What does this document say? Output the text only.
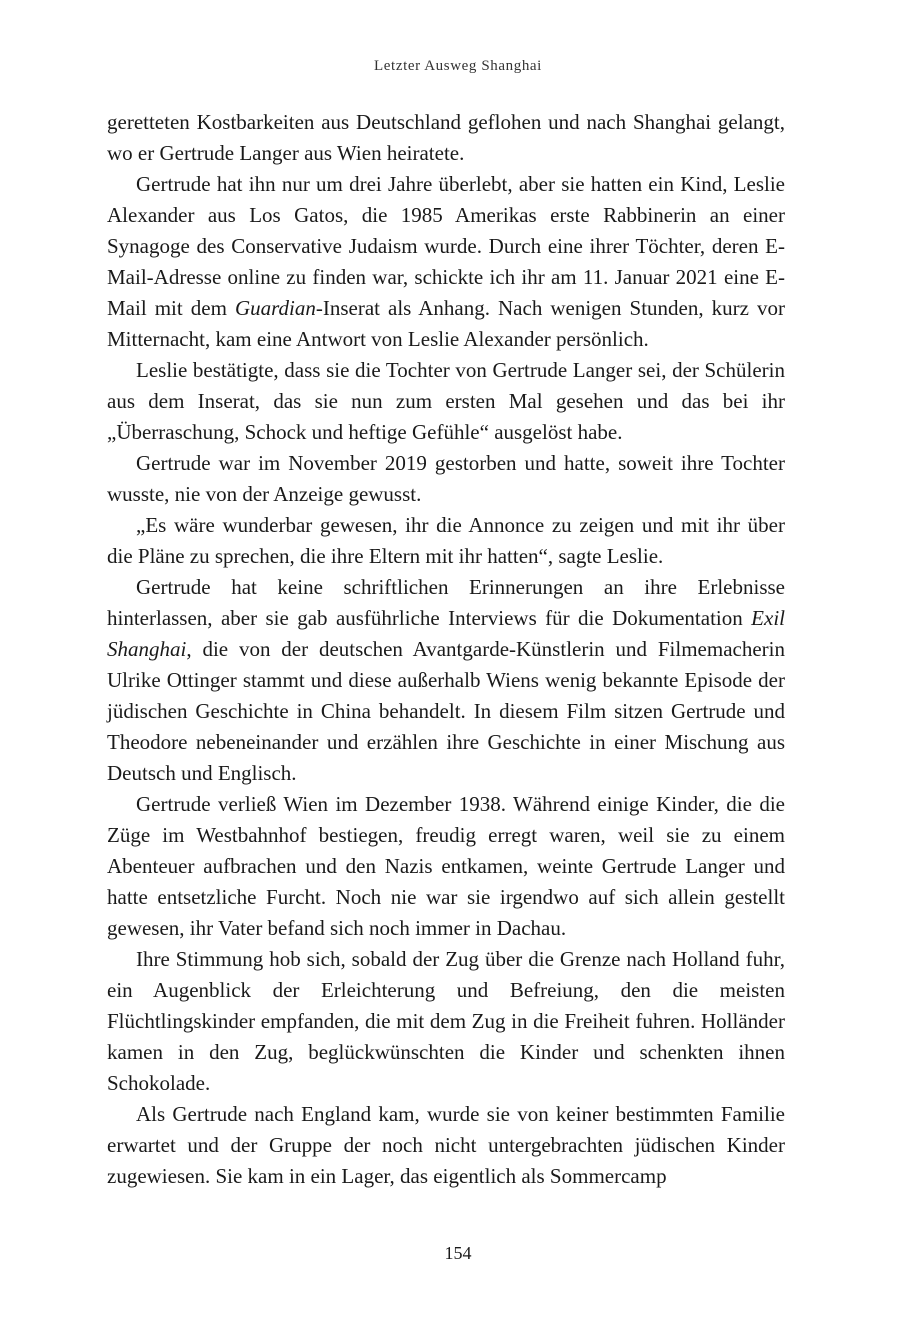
Letzter Ausweg Shanghai

geretteten Kostbarkeiten aus Deutschland geflohen und nach Shanghai gelangt, wo er Gertrude Langer aus Wien heiratete.

Gertrude hat ihn nur um drei Jahre überlebt, aber sie hatten ein Kind, Leslie Alexander aus Los Gatos, die 1985 Amerikas erste Rabbinerin an einer Synagoge des Conservative Judaism wurde. Durch eine ihrer Töchter, deren E-Mail-Adresse online zu finden war, schickte ich ihr am 11. Januar 2021 eine E-Mail mit dem Guardian-Inserat als Anhang. Nach wenigen Stunden, kurz vor Mitternacht, kam eine Antwort von Leslie Alexander persönlich.

Leslie bestätigte, dass sie die Tochter von Gertrude Langer sei, der Schülerin aus dem Inserat, das sie nun zum ersten Mal gesehen und das bei ihr „Überraschung, Schock und heftige Gefühle“ ausgelöst habe.

Gertrude war im November 2019 gestorben und hatte, soweit ihre Tochter wusste, nie von der Anzeige gewusst.

„Es wäre wunderbar gewesen, ihr die Annonce zu zeigen und mit ihr über die Pläne zu sprechen, die ihre Eltern mit ihr hatten“, sagte Leslie.

Gertrude hat keine schriftlichen Erinnerungen an ihre Erlebnisse hinterlassen, aber sie gab ausführliche Interviews für die Dokumentation Exil Shanghai, die von der deutschen Avantgarde-Künstlerin und Filmemacherin Ulrike Ottinger stammt und diese außerhalb Wiens wenig bekannte Episode der jüdischen Geschichte in China behandelt. In diesem Film sitzen Gertrude und Theodore nebeneinander und erzählen ihre Geschichte in einer Mischung aus Deutsch und Englisch.

Gertrude verließ Wien im Dezember 1938. Während einige Kinder, die die Züge im Westbahnhof bestiegen, freudig erregt waren, weil sie zu einem Abenteuer aufbrachen und den Nazis entkamen, weinte Gertrude Langer und hatte entsetzliche Furcht. Noch nie war sie irgendwo auf sich allein gestellt gewesen, ihr Vater befand sich noch immer in Dachau.

Ihre Stimmung hob sich, sobald der Zug über die Grenze nach Holland fuhr, ein Augenblick der Erleichterung und Befreiung, den die meisten Flüchtlingskinder empfanden, die mit dem Zug in die Freiheit fuhren. Holländer kamen in den Zug, beglückwünschten die Kinder und schenkten ihnen Schokolade.

Als Gertrude nach England kam, wurde sie von keiner bestimmten Familie erwartet und der Gruppe der noch nicht untergebrachten jüdischen Kinder zugewiesen. Sie kam in ein Lager, das eigentlich als Sommercamp

154
